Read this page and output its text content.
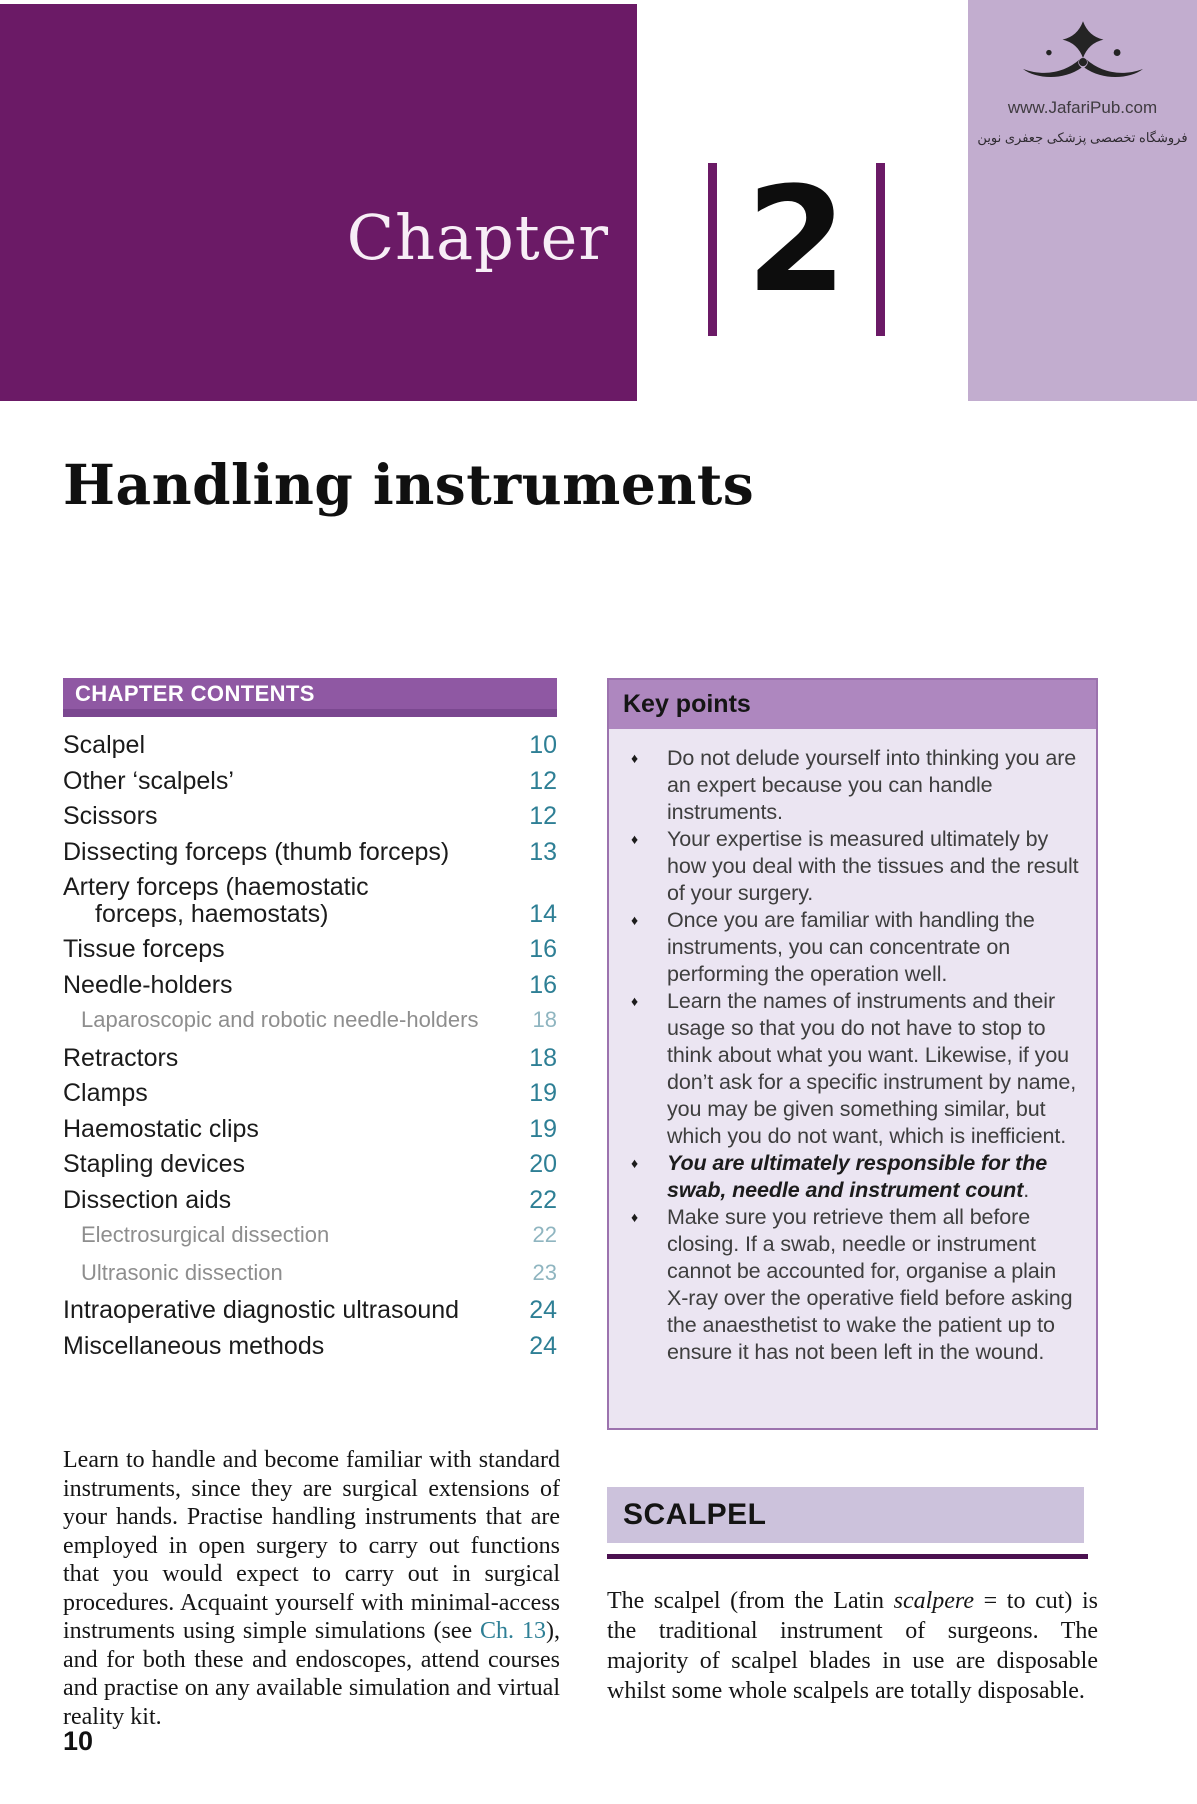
Chapter 2
www.JafariPub.com
فروشگاه تخصصی پزشکی جعفری نوین
Handling instruments
CHAPTER CONTENTS
Scalpel	10
Other ‘scalpels’	12
Scissors	12
Dissecting forceps (thumb forceps)	13
Artery forceps (haemostatic
forceps, haemostats)	14
Tissue forceps	16
Needle-holders	16
Laparoscopic and robotic needle-holders 18
Retractors	18
Clamps	19
Haemostatic clips	19
Stapling devices	20
Dissection aids	22
Electrosurgical dissection	22
Ultrasonic dissection	23
Intraoperative diagnostic ultrasound	24
Miscellaneous methods	24
Key points
♦	Do not delude yourself into thinking you are an expert because you can handle instruments.
♦	Your expertise is measured ultimately by how you deal with the tissues and the result of your surgery.
♦	Once you are familiar with handling the instruments, you can concentrate on performing the operation well.
♦	Learn the names of instruments and their usage so that you do not have to stop to think about what you want. Likewise, if you don’t ask for a specific instrument by name, you may be given something similar, but which you do not want, which is inefficient.
♦	You are ultimately responsible for the swab, needle and instrument count.
♦	Make sure you retrieve them all before closing. If a swab, needle or instrument cannot be accounted for, organise a plain X-ray over the operative field before asking the anaesthetist to wake the patient up to ensure it has not been left in the wound.

Learn to handle and become familiar with standard instruments, since they are surgical extensions of your hands. Practise handling instruments that are employed in open surgery to carry out functions that you would expect to carry out in surgical procedures. Acquaint yourself with minimal-access instruments using simple simulations (see Ch. 13), and for both these and endoscopes, attend courses and practise on any available simulation and virtual reality kit.

SCALPEL

The scalpel (from the Latin scalpere = to cut) is the traditional instrument of surgeons. The majority of scalpel blades in use are disposable whilst some whole scalpels are totally disposable.

10
